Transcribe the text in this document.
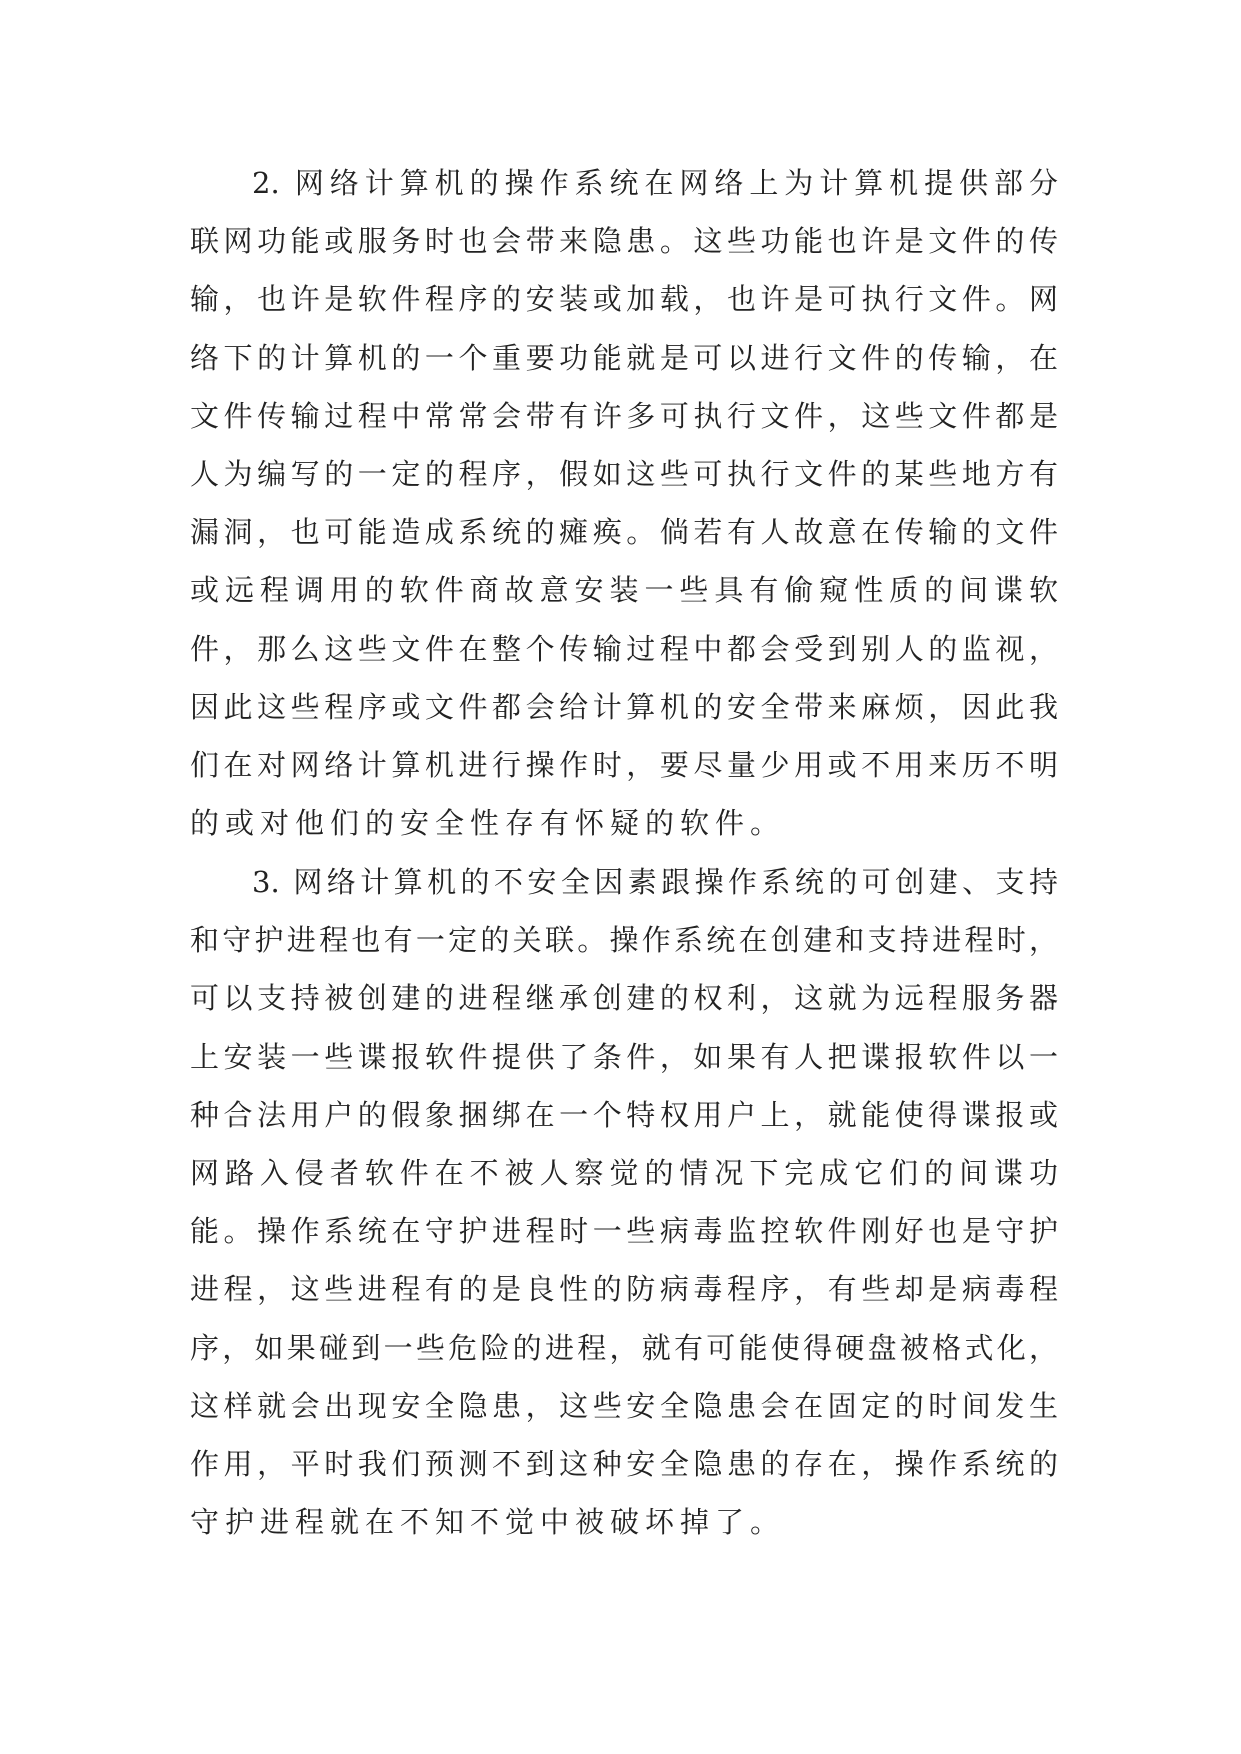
2. 网络计算机的操作系统在网络上为计算机提供部分
联网功能或服务时也会带来隐患。这些功能也许是文件的传
输，也许是软件程序的安装或加载，也许是可执行文件。网
络下的计算机的一个重要功能就是可以进行文件的传输，在
文件传输过程中常常会带有许多可执行文件，这些文件都是
人为编写的一定的程序，假如这些可执行文件的某些地方有
漏洞，也可能造成系统的瘫痪。倘若有人故意在传输的文件
或远程调用的软件商故意安装一些具有偷窥性质的间谍软
件，那么这些文件在整个传输过程中都会受到别人的监视，
因此这些程序或文件都会给计算机的安全带来麻烦，因此我
们在对网络计算机进行操作时，要尽量少用或不用来历不明
的或对他们的安全性存有怀疑的软件。
3. 网络计算机的不安全因素跟操作系统的可创建、支持
和守护进程也有一定的关联。操作系统在创建和支持进程时，
可以支持被创建的进程继承创建的权利，这就为远程服务器
上安装一些谍报软件提供了条件，如果有人把谍报软件以一
种合法用户的假象捆绑在一个特权用户上，就能使得谍报或
网路入侵者软件在不被人察觉的情况下完成它们的间谍功
能。操作系统在守护进程时一些病毒监控软件刚好也是守护
进程，这些进程有的是良性的防病毒程序，有些却是病毒程
序，如果碰到一些危险的进程，就有可能使得硬盘被格式化，
这样就会出现安全隐患，这些安全隐患会在固定的时间发生
作用，平时我们预测不到这种安全隐患的存在，操作系统的
守护进程就在不知不觉中被破坏掉了。
